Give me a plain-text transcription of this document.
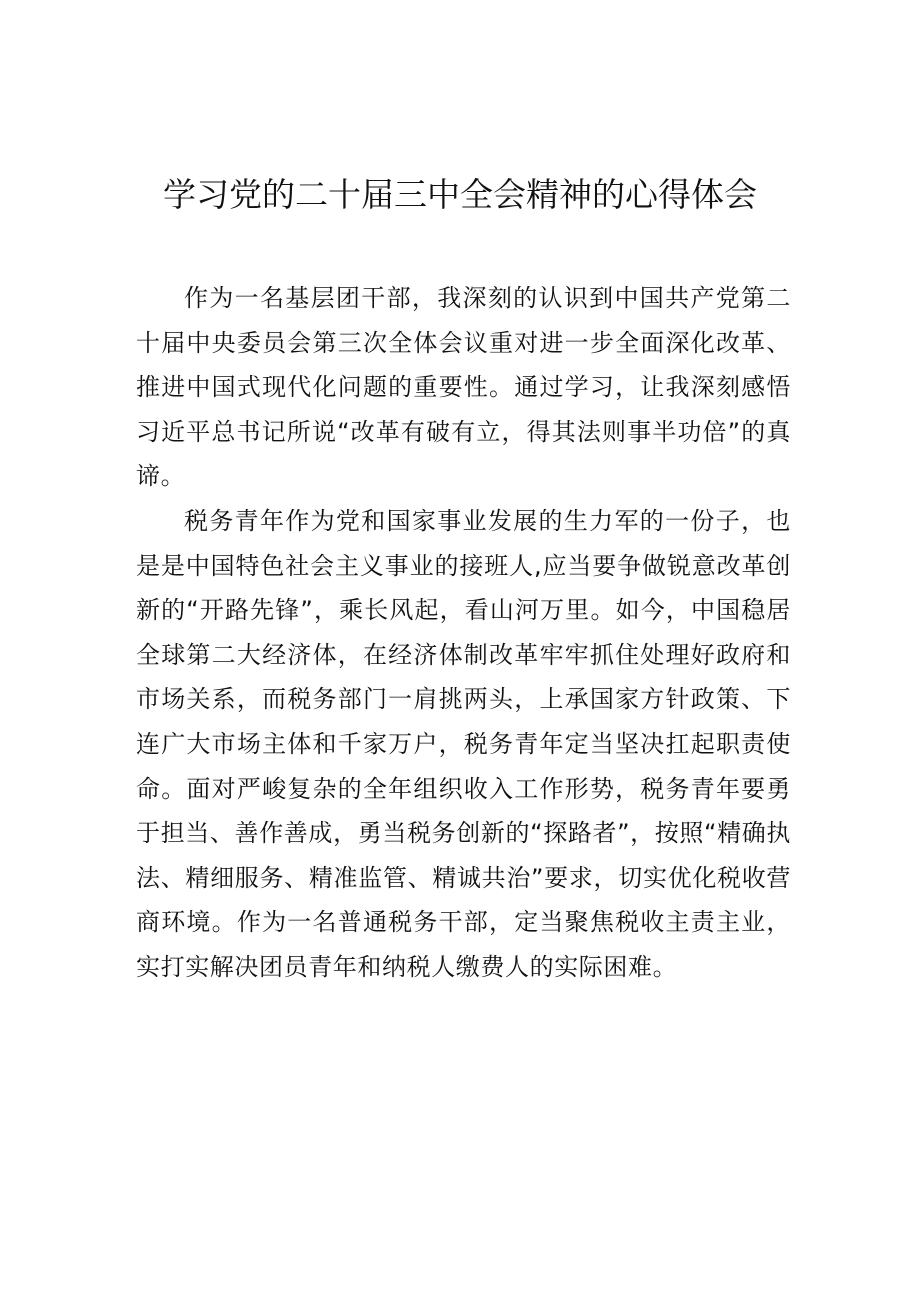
学习党的二十届三中全会精神的心得体会

作为一名基层团干部，我深刻的认识到中国共产党第二十届中央委员会第三次全体会议重对进一步全面深化改革、推进中国式现代化问题的重要性。通过学习，让我深刻感悟习近平总书记所说“改革有破有立，得其法则事半功倍”的真谛。

税务青年作为党和国家事业发展的生力军的一份子，也是是中国特色社会主义事业的接班人,应当要争做锐意改革创新的“开路先锋”，乘长风起，看山河万里。如今，中国稳居全球第二大经济体，在经济体制改革牢牢抓住处理好政府和市场关系，而税务部门一肩挑两头，上承国家方针政策、下连广大市场主体和千家万户，税务青年定当坚决扛起职责使命。面对严峻复杂的全年组织收入工作形势，税务青年要勇于担当、善作善成，勇当税务创新的“探路者”，按照“精确执法、精细服务、精准监管、精诚共治”要求，切实优化税收营商环境。作为一名普通税务干部，定当聚焦税收主责主业，实打实解决团员青年和纳税人缴费人的实际困难。
